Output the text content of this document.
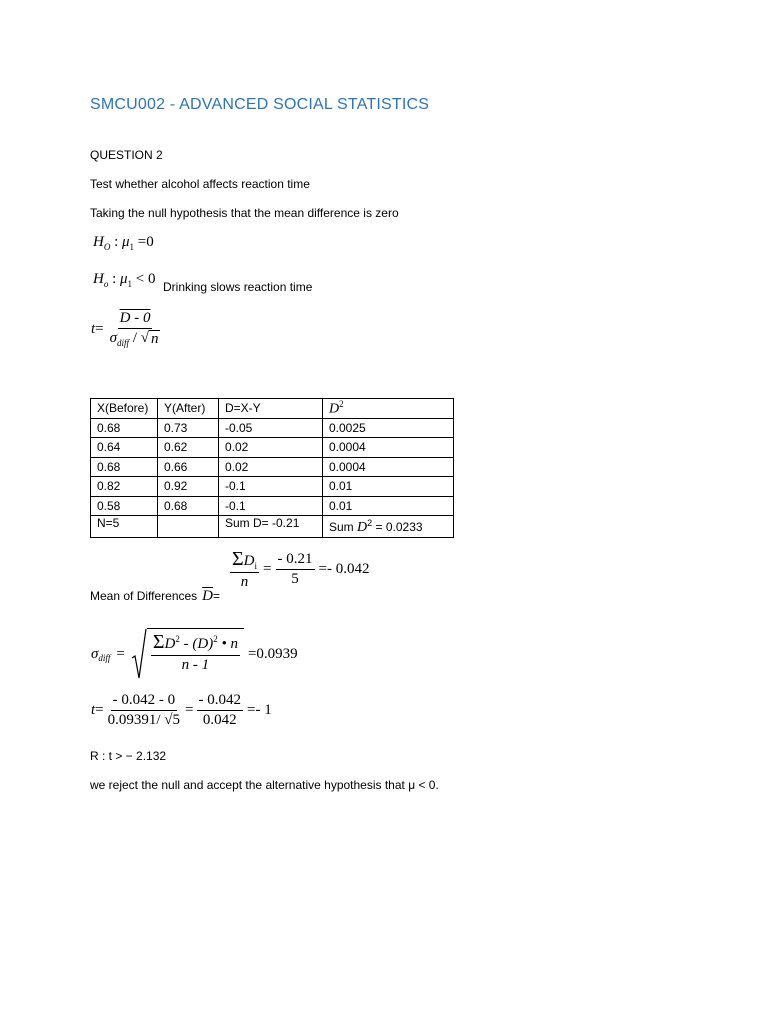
SMCU002 - ADVANCED SOCIAL STATISTICS
QUESTION 2
Test whether alcohol affects reaction time
Taking the null hypothesis that the mean difference is zero
$H_O$ : $\mu_1 =0$
$H_o$ : $\mu_1 < 0$ Drinking slows reaction time
$t = \frac{D - 0}{\sigma_{diff} / √ n}$
X(Before)	Y(After)	D=X-Y	$D^2$
0.68	0.73	-0.05	0.0025
0.64	0.62	0.02	0.0004
0.68	0.66	0.02	0.0004
0.82	0.92	-0.1	0.01
0.58	0.68	-0.1	0.01
N=5		Sum D= -0.21	Sum $D^2 = 0.0233$
Mean of Differences $\overline{D}$ =
$\frac{\Sigma D_i}{n} = \frac{- 0.21}{5} =- 0.042$
$\sigma_{diff} = \frac{\Sigma D^2 - (D)^2 • n}{n - 1} =0.0939$
$t = \frac{- 0.042 - 0}{0.09391/ √5} = \frac{- 0.042}{0.042} =- 1$
R : t > − 2.132
we reject the null and accept the alternative hypothesis that μ < 0.
